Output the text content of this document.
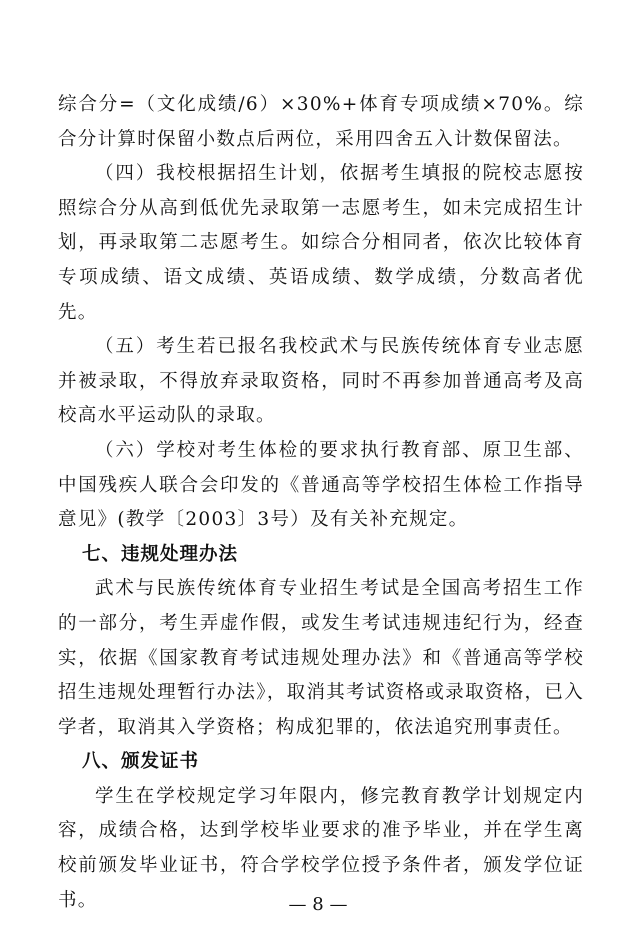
综合分=（文化成绩/6）×30%+体育专项成绩×70%。综合分计算时保留小数点后两位，采用四舍五入计数保留法。

（四）我校根据招生计划，依据考生填报的院校志愿按照综合分从高到低优先录取第一志愿考生，如未完成招生计划，再录取第二志愿考生。如综合分相同者，依次比较体育专项成绩、语文成绩、英语成绩、数学成绩，分数高者优先。

（五）考生若已报名我校武术与民族传统体育专业志愿并被录取，不得放弃录取资格，同时不再参加普通高考及高校高水平运动队的录取。

（六）学校对考生体检的要求执行教育部、原卫生部、中国残疾人联合会印发的《普通高等学校招生体检工作指导意见》(教学〔2003〕3号）及有关补充规定。

七、违规处理办法

武术与民族传统体育专业招生考试是全国高考招生工作的一部分，考生弄虚作假，或发生考试违规违纪行为，经查实，依据《国家教育考试违规处理办法》和《普通高等学校招生违规处理暂行办法》，取消其考试资格或录取资格，已入学者，取消其入学资格；构成犯罪的，依法追究刑事责任。

八、颁发证书

学生在学校规定学习年限内，修完教育教学计划规定内容，成绩合格，达到学校毕业要求的准予毕业，并在学生离校前颁发毕业证书，符合学校学位授予条件者，颁发学位证书。	— 8 —
